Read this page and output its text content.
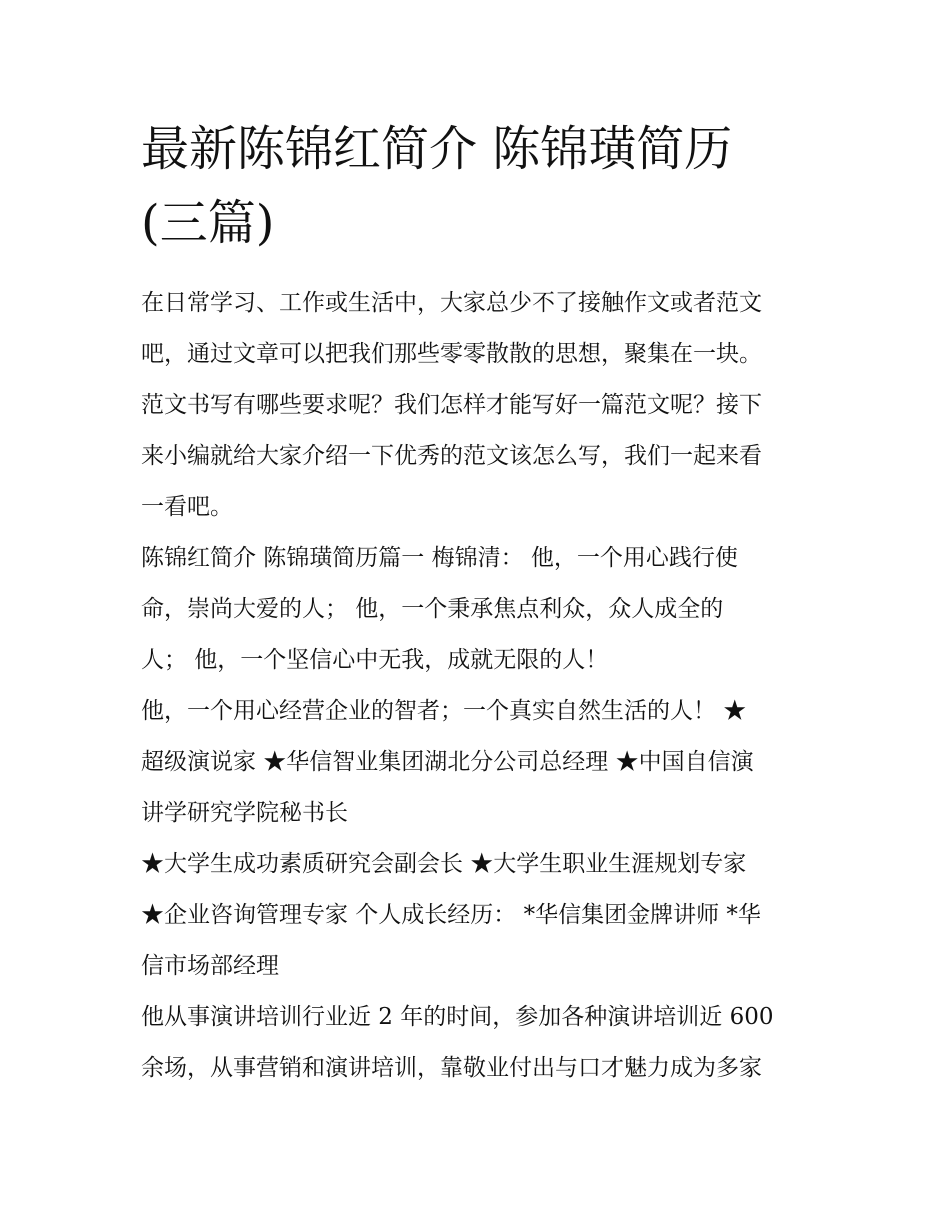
最新陈锦红简介 陈锦璜简历
(三篇)
在日常学习、工作或生活中，大家总少不了接触作文或者范文
吧，通过文章可以把我们那些零零散散的思想，聚集在一块。
范文书写有哪些要求呢？我们怎样才能写好一篇范文呢？接下
来小编就给大家介绍一下优秀的范文该怎么写，我们一起来看
一看吧。
陈锦红简介 陈锦璜简历篇一 梅锦清： 他，一个用心践行使
命，崇尚大爱的人； 他，一个秉承焦点利众，众人成全的
人； 他，一个坚信心中无我，成就无限的人！
他，一个用心经营企业的智者；一个真实自然生活的人！ ★
超级演说家 ★华信智业集团湖北分公司总经理 ★中国自信演
讲学研究学院秘书长
★大学生成功素质研究会副会长 ★大学生职业生涯规划专家
★企业咨询管理专家 个人成长经历： *华信集团金牌讲师 *华
信市场部经理
他从事演讲培训行业近 2 年的时间，参加各种演讲培训近 600
余场，从事营销和演讲培训，靠敬业付出与口才魅力成为多家
